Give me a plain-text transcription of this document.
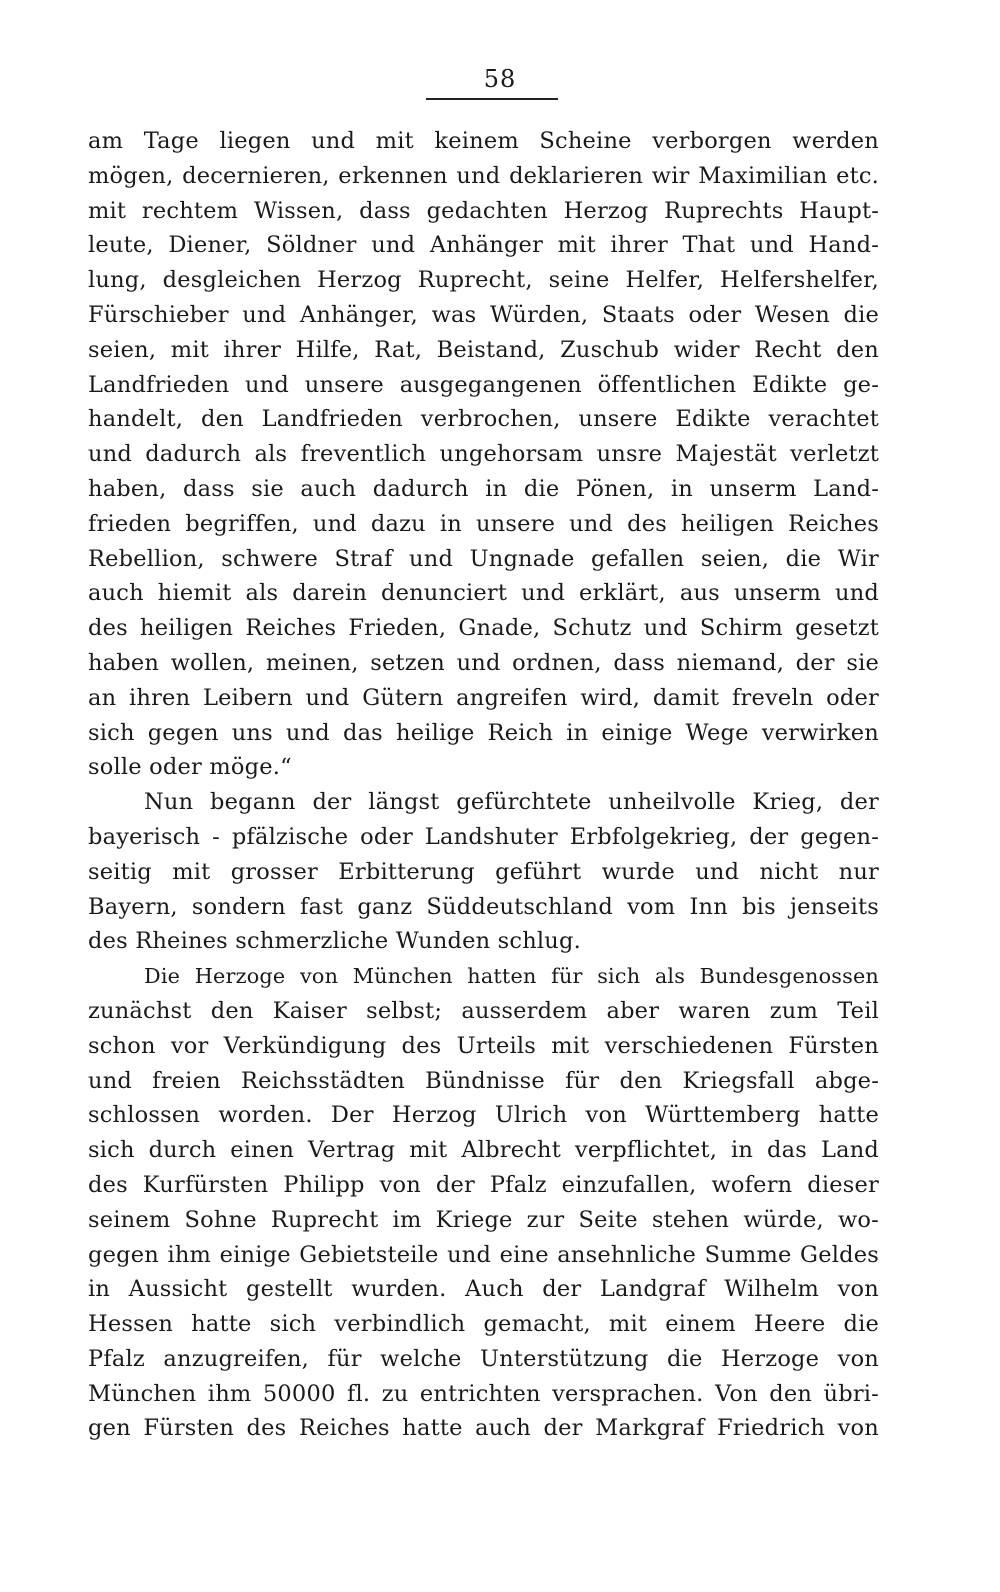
58
am Tage liegen und mit keinem Scheine verborgen werden
mögen, decernieren, erkennen und deklarieren wir Maximilian etc.
mit rechtem Wissen, dass gedachten Herzog Ruprechts Haupt-
leute, Diener, Söldner und Anhänger mit ihrer That und Hand-
lung, desgleichen Herzog Ruprecht, seine Helfer, Helfershelfer,
Fürschieber und Anhänger, was Würden, Staats oder Wesen die
seien, mit ihrer Hilfe, Rat, Beistand, Zuschub wider Recht den
Landfrieden und unsere ausgegangenen öffentlichen Edikte ge-
handelt, den Landfrieden verbrochen, unsere Edikte verachtet
und dadurch als freventlich ungehorsam unsre Majestät verletzt
haben, dass sie auch dadurch in die Pönen, in unserm Land-
frieden begriffen, und dazu in unsere und des heiligen Reiches
Rebellion, schwere Straf und Ungnade gefallen seien, die Wir
auch hiemit als darein denunciert und erklärt, aus unserm und
des heiligen Reiches Frieden, Gnade, Schutz und Schirm gesetzt
haben wollen, meinen, setzen und ordnen, dass niemand, der sie
an ihren Leibern und Gütern angreifen wird, damit freveln oder
sich gegen uns und das heilige Reich in einige Wege verwirken
solle oder möge.“
Nun begann der längst gefürchtete unheilvolle Krieg, der
bayerisch - pfälzische oder Landshuter Erbfolgekrieg, der gegen-
seitig mit grosser Erbitterung geführt wurde und nicht nur
Bayern, sondern fast ganz Süddeutschland vom Inn bis jenseits
des Rheines schmerzliche Wunden schlug.
Die Herzoge von München hatten für sich als Bundesgenossen
zunächst den Kaiser selbst; ausserdem aber waren zum Teil
schon vor Verkündigung des Urteils mit verschiedenen Fürsten
und freien Reichsstädten Bündnisse für den Kriegsfall abge-
schlossen worden. Der Herzog Ulrich von Württemberg hatte
sich durch einen Vertrag mit Albrecht verpflichtet, in das Land
des Kurfürsten Philipp von der Pfalz einzufallen, wofern dieser
seinem Sohne Ruprecht im Kriege zur Seite stehen würde, wo-
gegen ihm einige Gebietsteile und eine ansehnliche Summe Geldes
in Aussicht gestellt wurden. Auch der Landgraf Wilhelm von
Hessen hatte sich verbindlich gemacht, mit einem Heere die
Pfalz anzugreifen, für welche Unterstützung die Herzoge von
München ihm 50000 fl. zu entrichten versprachen. Von den übri-
gen Fürsten des Reiches hatte auch der Markgraf Friedrich von
